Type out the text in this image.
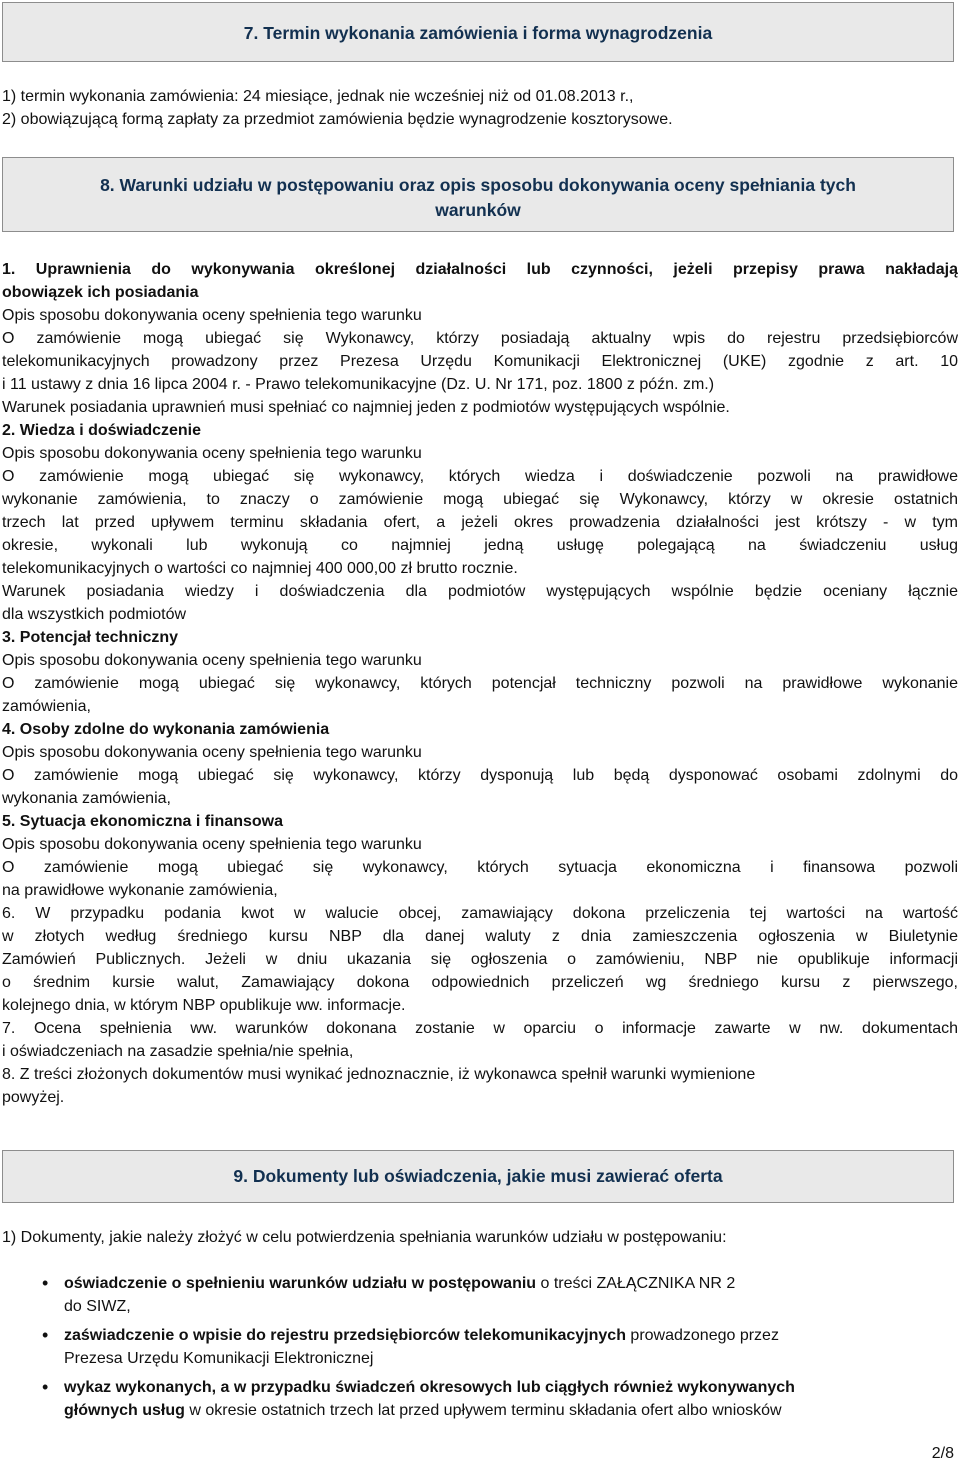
7. Termin wykonania zamówienia i forma wynagrodzenia
1) termin wykonania zamówienia: 24 miesiące, jednak nie wcześniej niż od 01.08.2013 r.,
2) obowiązującą formą zapłaty za przedmiot zamówienia będzie wynagrodzenie kosztorysowe.
8. Warunki udziału w postępowaniu oraz opis sposobu dokonywania oceny spełniania tych
warunków
1. Uprawnienia do wykonywania określonej działalności lub czynności, jeżeli przepisy prawa nakładają
obowiązek ich posiadania
Opis sposobu dokonywania oceny spełnienia tego warunku
O zamówienie mogą ubiegać się Wykonawcy, którzy posiadają aktualny wpis do rejestru przedsiębiorców
telekomunikacyjnych prowadzony przez Prezesa Urzędu Komunikacji Elektronicznej (UKE) zgodnie z art. 10
i 11 ustawy z dnia 16 lipca 2004 r. - Prawo telekomunikacyjne (Dz. U. Nr 171, poz. 1800 z późn. zm.)
Warunek posiadania uprawnień musi spełniać co najmniej jeden z podmiotów występujących wspólnie.
2. Wiedza i doświadczenie
Opis sposobu dokonywania oceny spełnienia tego warunku
O zamówienie mogą ubiegać się wykonawcy, których wiedza i doświadczenie pozwoli na prawidłowe
wykonanie zamówienia, to znaczy o zamówienie mogą ubiegać się Wykonawcy, którzy w okresie ostatnich
trzech lat przed upływem terminu składania ofert, a jeżeli okres prowadzenia działalności jest krótszy - w tym
okresie, wykonali lub wykonują co najmniej jedną usługę polegającą na świadczeniu usług
telekomunikacyjnych o wartości co najmniej 400 000,00 zł brutto rocznie.
Warunek posiadania wiedzy i doświadczenia dla podmiotów występujących wspólnie będzie oceniany łącznie
dla wszystkich podmiotów
3. Potencjał techniczny
Opis sposobu dokonywania oceny spełnienia tego warunku
O zamówienie mogą ubiegać się wykonawcy, których potencjał techniczny pozwoli na prawidłowe wykonanie
zamówienia,
4. Osoby zdolne do wykonania zamówienia
Opis sposobu dokonywania oceny spełnienia tego warunku
O zamówienie mogą ubiegać się wykonawcy, którzy dysponują lub będą dysponować osobami zdolnymi do
wykonania zamówienia,
5. Sytuacja ekonomiczna i finansowa
Opis sposobu dokonywania oceny spełnienia tego warunku
O zamówienie mogą ubiegać się wykonawcy, których sytuacja ekonomiczna i finansowa pozwoli
na prawidłowe wykonanie zamówienia,
6. W przypadku podania kwot w walucie obcej, zamawiający dokona przeliczenia tej wartości na wartość
w złotych według średniego kursu NBP dla danej waluty z dnia zamieszczenia ogłoszenia w Biuletynie
Zamówień Publicznych. Jeżeli w dniu ukazania się ogłoszenia o zamówieniu, NBP nie opublikuje informacji
o średnim kursie walut, Zamawiający dokona odpowiednich przeliczeń wg średniego kursu z pierwszego,
kolejnego dnia, w którym NBP opublikuje ww. informacje.
7. Ocena spełnienia ww. warunków dokonana zostanie w oparciu o informacje zawarte w nw. dokumentach
i oświadczeniach na zasadzie spełnia/nie spełnia,
8. Z treści złożonych dokumentów musi wynikać jednoznacznie, iż wykonawca spełnił warunki wymienione
powyżej.
9. Dokumenty lub oświadczenia, jakie musi zawierać oferta
1) Dokumenty, jakie należy złożyć w celu potwierdzenia spełniania warunków udziału w postępowaniu:
• oświadczenie o spełnieniu warunków udziału w postępowaniu o treści ZAŁĄCZNIKA NR 2
do SIWZ,
• zaświadczenie o wpisie do rejestru przedsiębiorców telekomunikacyjnych prowadzonego przez
Prezesa Urzędu Komunikacji Elektronicznej
• wykaz wykonanych, a w przypadku świadczeń okresowych lub ciągłych również wykonywanych
głównych usług w okresie ostatnich trzech lat przed upływem terminu składania ofert albo wniosków
2/8
